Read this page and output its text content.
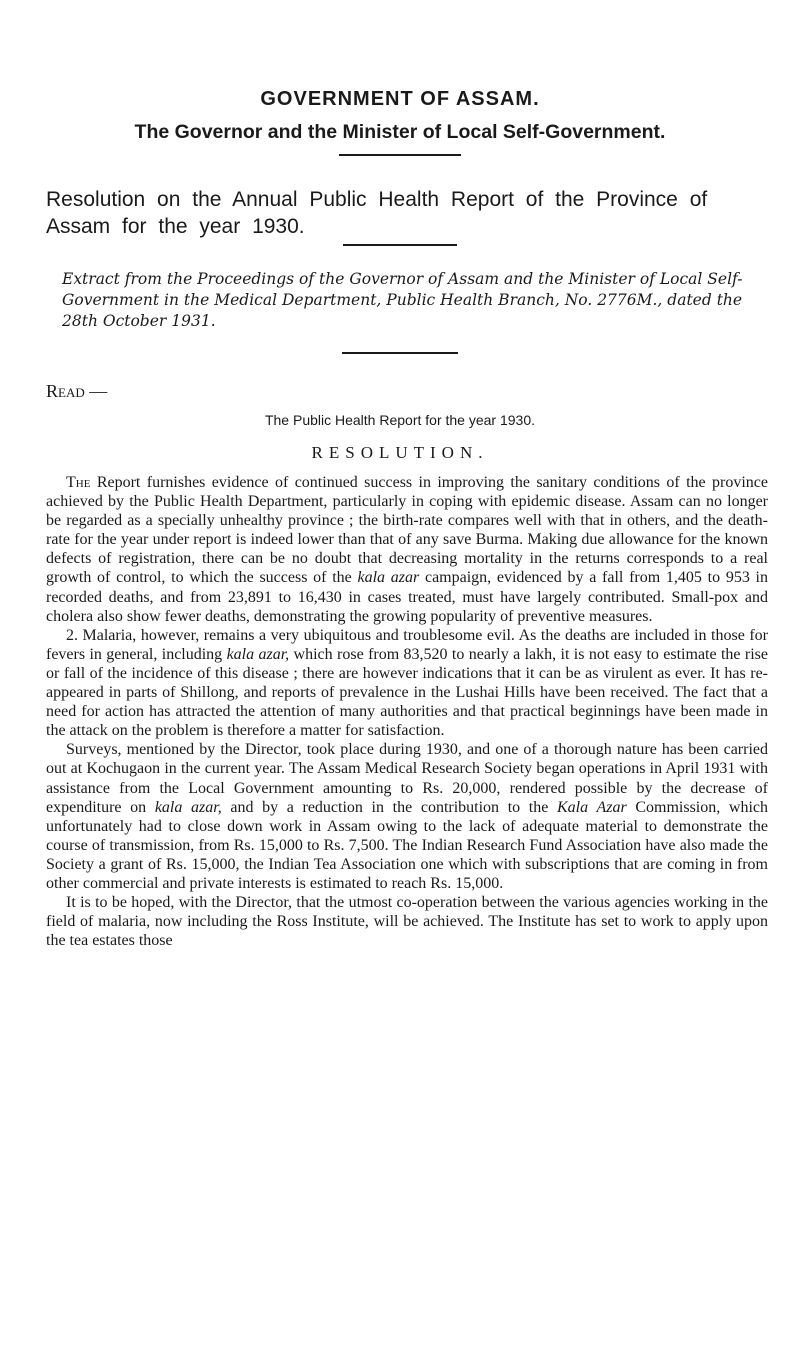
GOVERNMENT OF ASSAM.
The Governor and the Minister of Local Self-Government.
Resolution on the Annual Public Health Report of the Province of Assam for the year 1930.
Extract from the Proceedings of the Governor of Assam and the Minister of Local Self-Government in the Medical Department, Public Health Branch, No. 2776M., dated the 28th October 1931.
Read —
The Public Health Report for the year 1930.
RESOLUTION.

The Report furnishes evidence of continued success in improving the sanitary conditions of the province achieved by the Public Health Department, particularly in coping with epidemic disease. Assam can no longer be regarded as a specially unhealthy province ; the birth-rate compares well with that in others, and the death-rate for the year under report is indeed lower than that of any save Burma. Making due allowance for the known defects of registration, there can be no doubt that decreasing mortality in the returns corresponds to a real growth of control, to which the success of the kala azar campaign, evidenced by a fall from 1,405 to 953 in recorded deaths, and from 23,891 to 16,430 in cases treated, must have largely contributed. Small-pox and cholera also show fewer deaths, demonstrating the growing popularity of preventive measures.

2. Malaria, however, remains a very ubiquitous and troublesome evil. As the deaths are included in those for fevers in general, including kala azar, which rose from 83,520 to nearly a lakh, it is not easy to estimate the rise or fall of the incidence of this disease ; there are however indications that it can be as virulent as ever. It has re-appeared in parts of Shillong, and reports of prevalence in the Lushai Hills have been received. The fact that a need for action has attracted the attention of many authorities and that practical beginnings have been made in the attack on the problem is therefore a matter for satisfaction.

Surveys, mentioned by the Director, took place during 1930, and one of a thorough nature has been carried out at Kochugaon in the current year. The Assam Medical Research Society began operations in April 1931 with assistance from the Local Government amounting to Rs. 20,000, rendered possible by the decrease of expenditure on kala azar, and by a reduction in the contribution to the Kala Azar Commission, which unfortunately had to close down work in Assam owing to the lack of adequate material to demonstrate the course of transmission, from Rs. 15,000 to Rs. 7,500. The Indian Research Fund Association have also made the Society a grant of Rs. 15,000, the Indian Tea Association one which with subscriptions that are coming in from other commercial and private interests is estimated to reach Rs. 15,000.

It is to be hoped, with the Director, that the utmost co-operation between the various agencies working in the field of malaria, now including the Ross Institute, will be achieved. The Institute has set to work to apply upon the tea estates those
